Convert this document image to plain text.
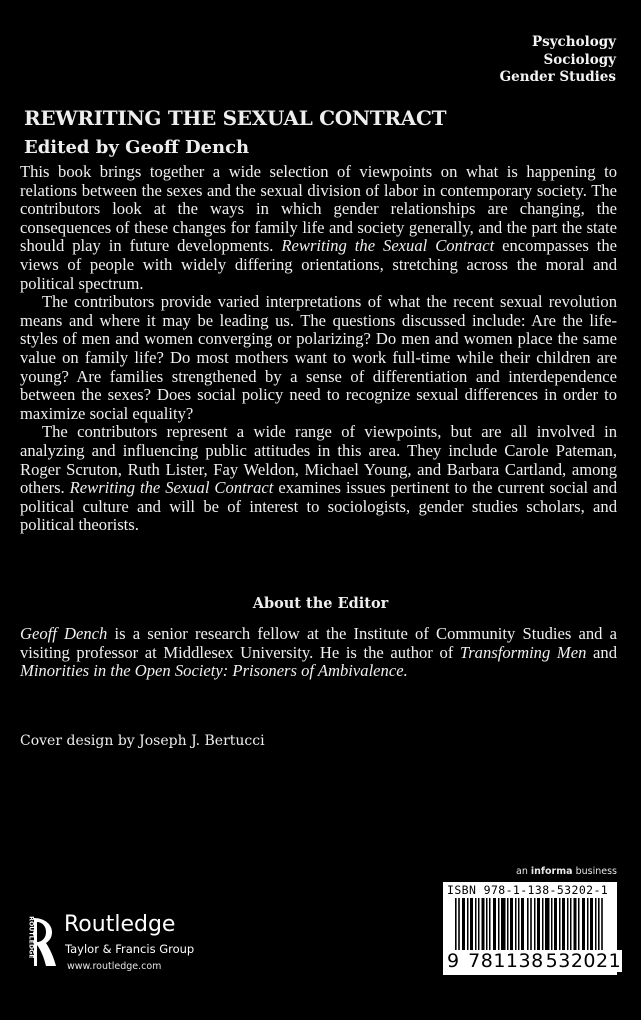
Psychology
Sociology
Gender Studies
REWRITING THE SEXUAL CONTRACT
Edited by Geoff Dench

This book brings together a wide selection of viewpoints on what is happening to relations between the sexes and the sexual division of labor in contemporary society. The contributors look at the ways in which gender relationships are changing, the consequences of these changes for family life and society generally, and the part the state should play in future developments. Rewriting the Sexual Contract encompasses the views of people with widely differing orientations, stretching across the moral and political spectrum.

The contributors provide varied interpretations of what the recent sexual revolution means and where it may be leading us. The questions discussed include: Are the life-styles of men and women converging or polarizing? Do men and women place the same value on family life? Do most mothers want to work full-time while their children are young? Are families strengthened by a sense of differentiation and interdependence between the sexes? Does social policy need to recognize sexual differences in order to maximize social equality?

The contributors represent a wide range of viewpoints, but are all involved in analyzing and influencing public attitudes in this area. They include Carole Pateman, Roger Scruton, Ruth Lister, Fay Weldon, Michael Young, and Barbara Cartland, among others. Rewriting the Sexual Contract examines issues pertinent to the current social and political culture and will be of interest to sociologists, gender studies scholars, and political theorists.

About the Editor

Geoff Dench is a senior research fellow at the Institute of Community Studies and a visiting professor at Middlesex University. He is the author of Transforming Men and Minorities in the Open Society: Prisoners of Ambivalence.

Cover design by Joseph J. Bertucci
an informa business
ISBN 978-1-138-53202-1
9 781138 532021
ROUTLEDGE Routledge
Taylor & Francis Group
www.routledge.com
